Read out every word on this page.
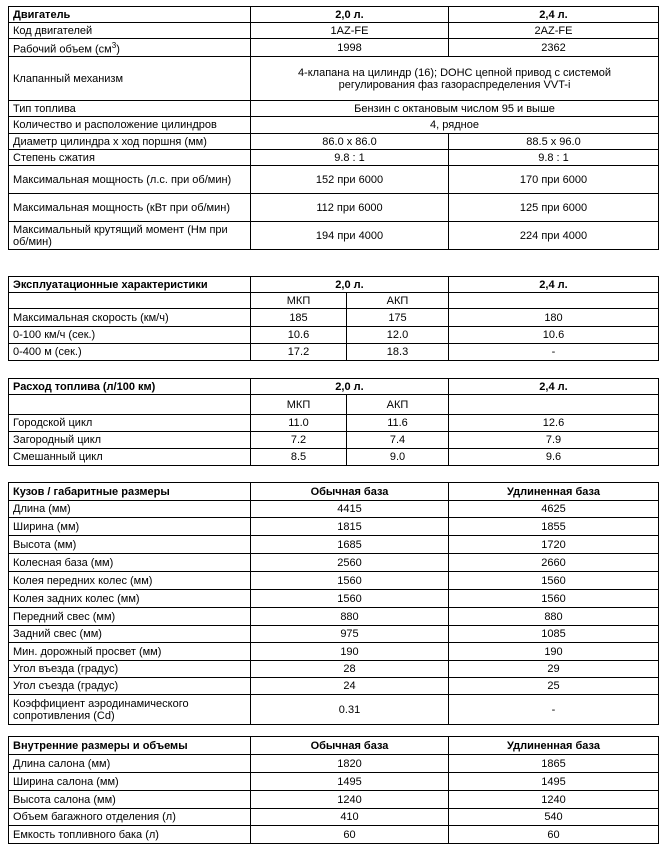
Двигатель	2,0 л.	2,4 л.
Код двигателей	1AZ-FE	2AZ-FE
Рабочий объем $(см^3)$	1998	2362
Клапанный механизм	4-клапана на цилиндр (16); DOHC цепной привод с системой регулирования фаз газораспределения VVT-i	
Тип топлива	Бензин с октановым числом 95 и выше	
Количество и расположение цилиндров	4, рядное	
Диаметр цилиндра х ход поршня (мм)	86.0 х 86.0	88.5 х 96.0
Степень сжатия	9.8 : 1	9.8 : 1
Максимальная мощность (л.с. при об/мин)	152 при 6000	170 при 6000
Максимальная мощность (кВт при об/мин)	112 при 6000	125 при 6000
Максимальный крутящий момент (Нм при об/мин)	194 при 4000	224 при 4000
Эксплуатационные характеристики	2,0 л.		2,4 л.
	МКП	АКП	
Максимальная скорость (км/ч)	185	175	180
0-100 км/ч (сек.)	10.6	12.0	10.6
0-400 м (сек.)	17.2	18.3	-
Расход топлива (л/100 км)	2,0 л.		2,4 л.
	МКП	АКП	
Городской цикл	11.0	11.6	12.6
Загородный цикл	7.2	7.4	7.9
Смешанный цикл	8.5	9.0	9.6
Кузов / габаритные размеры	Обычная база	Удлиненная база
Длина (мм)	4415	4625
Ширина (мм)	1815	1855
Высота (мм)	1685	1720
Колесная база (мм)	2560	2660
Колея передних колес (мм)	1560	1560
Колея задних колес (мм)	1560	1560
Передний свес (мм)	880	880
Задний свес (мм)	975	1085
Мин. дорожный просвет (мм)	190	190
Угол въезда (градус)	28	29
Угол съезда (градус)	24	25
Коэффициент аэродинамического сопротивления (Cd)	0.31	-
Внутренние размеры и объемы	Обычная база	Удлиненная база
Длина салона (мм)	1820	1865
Ширина салона (мм)	1495	1495
Высота салона (мм)	1240	1240
Объем багажного отделения (л)	410	540
Емкость топливного бака (л)	60	60
